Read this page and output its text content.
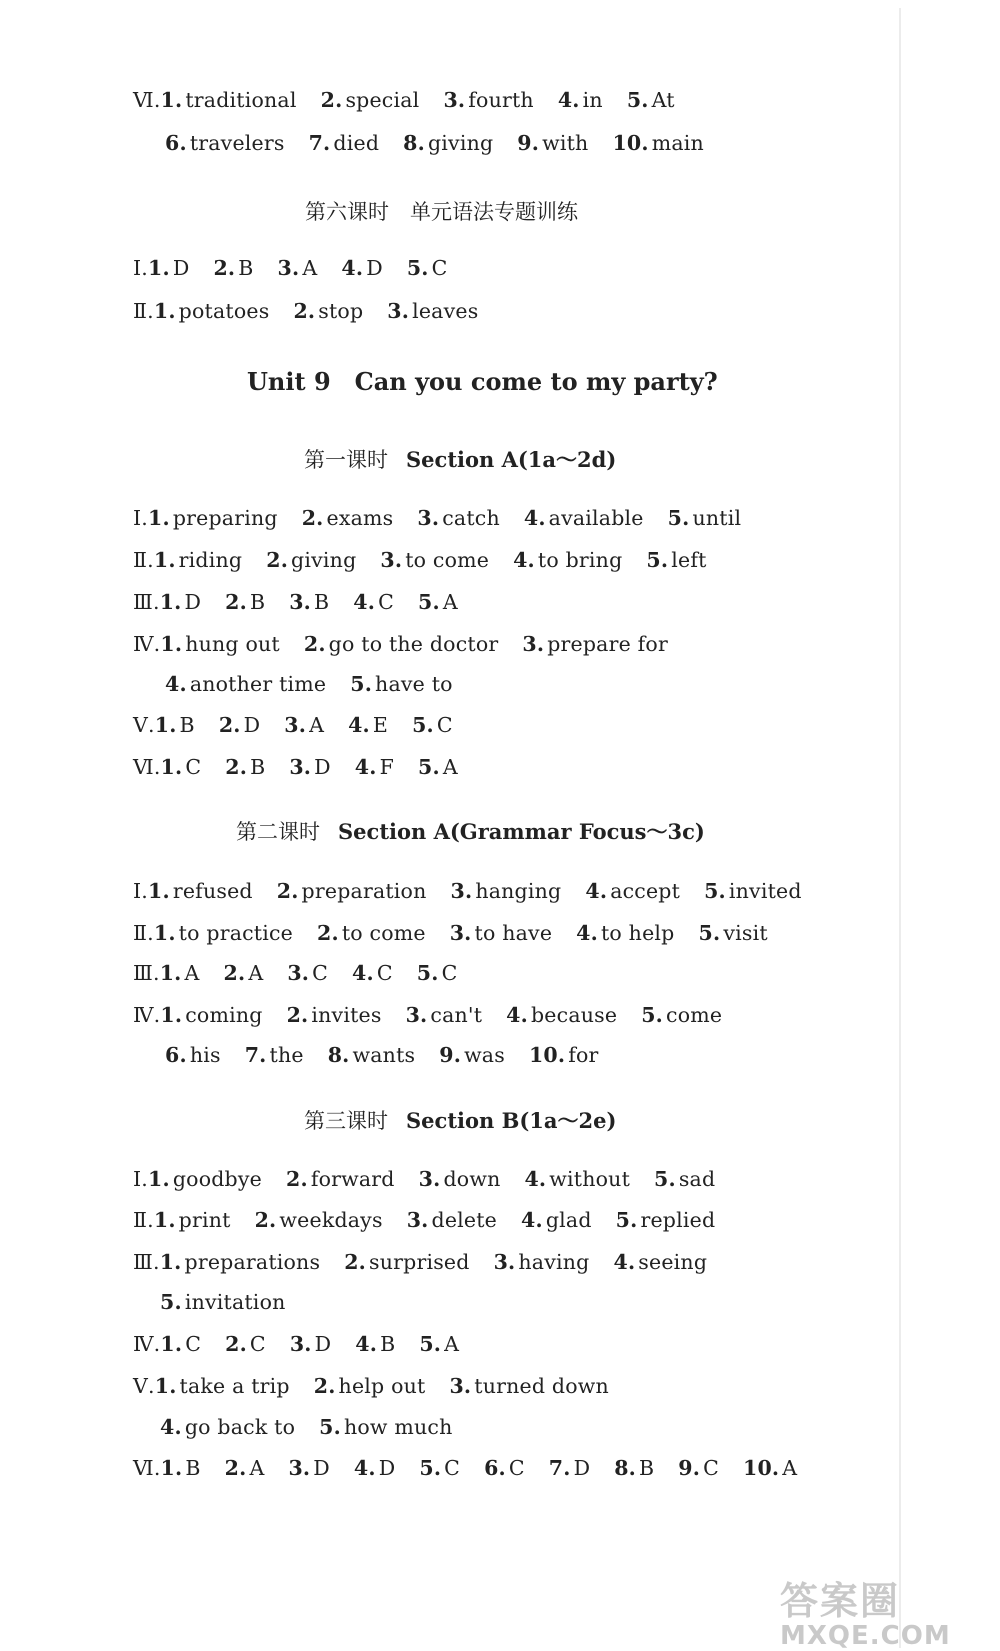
Ⅵ.1. traditional 2. special 3. fourth 4. in 5. At
6. travelers 7. died 8. giving 9. with 10. main
第六课时　单元语法专题训练
Ⅰ.1. D 2. B 3. A 4. D 5. C
Ⅱ.1. potatoes 2. stop 3. leaves
Unit 9　Can you come to my party?
第一课时 Section A(1a～2d)
Ⅰ.1. preparing 2. exams 3. catch 4. available 5. until
Ⅱ.1. riding 2. giving 3. to come 4. to bring 5. left
Ⅲ.1. D 2. B 3. B 4. C 5. A
Ⅳ.1. hung out 2. go to the doctor 3. prepare for
4. another time 5. have to
Ⅴ.1. B 2. D 3. A 4. E 5. C
Ⅵ.1. C 2. B 3. D 4. F 5. A
第二课时 Section A(Grammar Focus～3c)
Ⅰ.1. refused 2. preparation 3. hanging 4. accept 5. invited
Ⅱ.1. to practice 2. to come 3. to have 4. to help 5. visit
Ⅲ.1. A 2. A 3. C 4. C 5. C
Ⅳ.1. coming 2. invites 3. can't 4. because 5. come
6. his 7. the 8. wants 9. was 10. for
第三课时 Section B(1a～2e)
Ⅰ.1. goodbye 2. forward 3. down 4. without 5. sad
Ⅱ.1. print 2. weekdays 3. delete 4. glad 5. replied
Ⅲ.1. preparations 2. surprised 3. having 4. seeing
5. invitation
Ⅳ.1. C 2. C 3. D 4. B 5. A
Ⅴ.1. take a trip 2. help out 3. turned down
4. go back to 5. how much
Ⅵ.1. B 2. A 3. D 4. D 5. C 6. C 7. D 8. B 9. C 10. A
答案圈
MXQE.COM
